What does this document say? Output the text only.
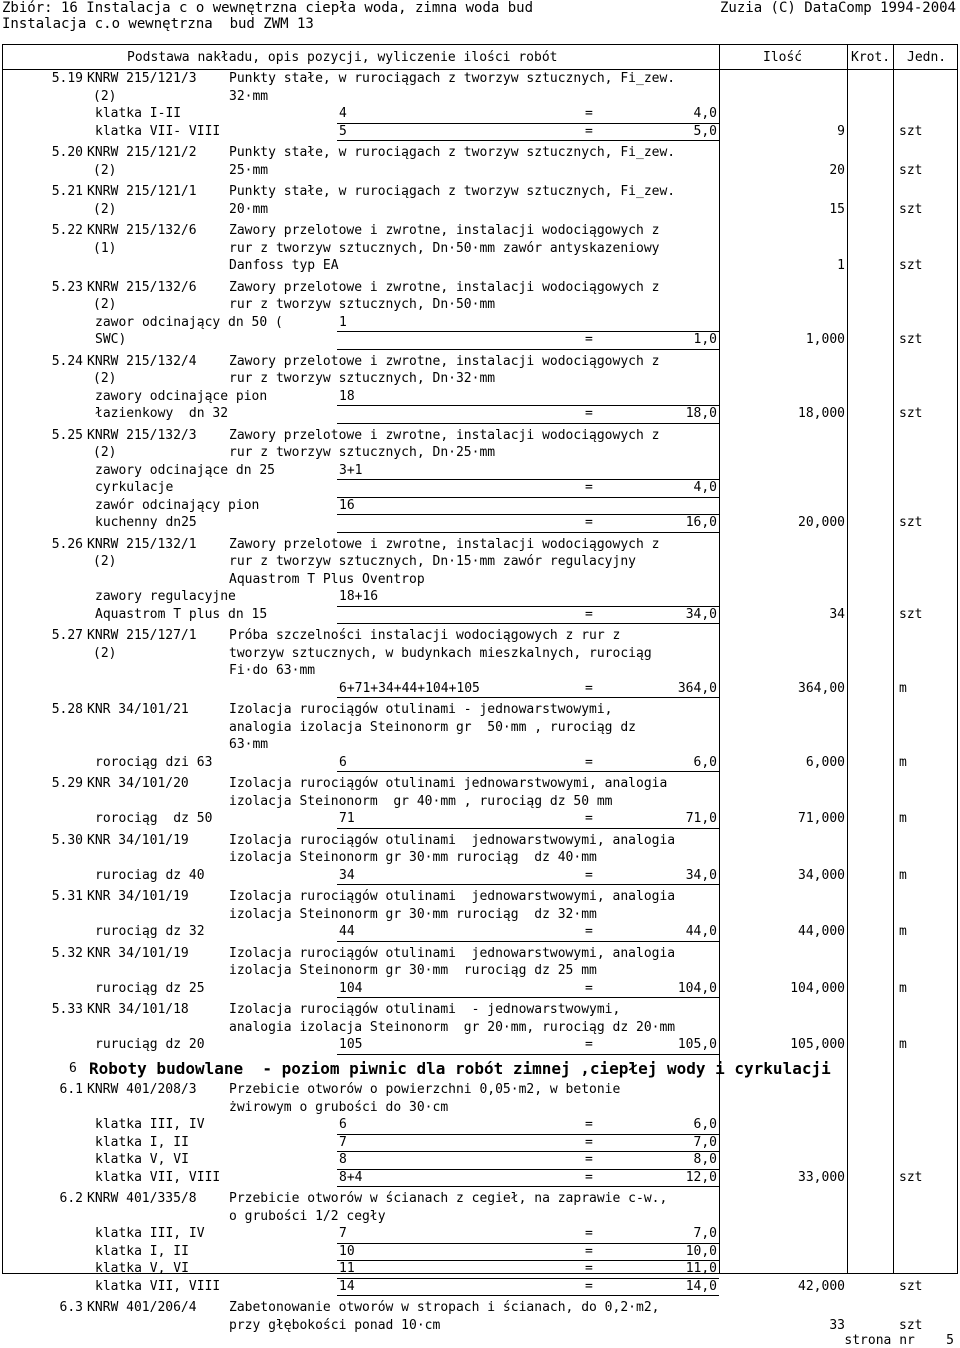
Zbiór: 16 Instalacja c o wewnętrzna ciepła woda, zimna woda bud
Instalacja c.o wewnętrzna  bud ZWM 13
Zuzia (C) DataComp 1994-2004
Podstawa nakładu, opis pozycji, wyliczenie ilości robót	Ilość	Krot. Jedn.
5.19 KNRW 215/121/3 Punkty stałe, w rurociągach z tworzyw sztucznych, Fi_zew.
32·mm
(2)
klatka I-II	4	=	4,0
klatka VII- VIII	5	=	5,0	9	szt
5.20 KNRW 215/121/2 Punkty stałe, w rurociągach z tworzyw sztucznych, Fi_zew.
25·mm
(2)	20	szt
5.21 KNRW 215/121/1 Punkty stałe, w rurociągach z tworzyw sztucznych, Fi_zew.
20·mm
(2)	15	szt
5.22 KNRW 215/132/6 Zawory przelotowe i zwrotne, instalacji wodociągowych z
rur z tworzyw sztucznych, Dn·50·mm zawór antyskazeniowy
Danfoss typ EA
(1)
1	szt
5.23 KNRW 215/132/6 Zawory przelotowe i zwrotne, instalacji wodociągowych z
rur z tworzyw sztucznych, Dn·50·mm
(2)
zawor odcinający dn 50 (	1
SWC)	=	1,0	1,000	szt
5.24 KNRW 215/132/4 Zawory przelotowe i zwrotne, instalacji wodociągowych z
rur z tworzyw sztucznych, Dn·32·mm
(2)
zawory odcinające pion	18
łazienkowy  dn 32	=	18,0	18,000	szt
5.25 KNRW 215/132/3 Zawory przelotowe i zwrotne, instalacji wodociągowych z
rur z tworzyw sztucznych, Dn·25·mm
(2)
zawory odcinające dn 25	3+1
cyrkulacje	=	4,0
zawór odcinający pion	16
kuchenny dn25	=	16,0	20,000	szt
5.26 KNRW 215/132/1 Zawory przelotowe i zwrotne, instalacji wodociągowych z
rur z tworzyw sztucznych, Dn·15·mm zawór regulacyjny
Aquastrom T Plus Oventrop
(2)
zawory regulacyjne	18+16
Aquastrom T plus dn 15	=	34,0	34	szt
5.27 KNRW 215/127/1 Próba szczelności instalacji wodociągowych z rur z
tworzyw sztucznych, w budynkach mieszkalnych, rurociąg
Fi·do 63·mm
(2)
6+71+34+44+104+105	=	364,0	364,00	m
5.28 KNR 34/101/21	Izolacja rurociągów otulinami - jednowarstwowymi,
analogia izolacja Steinonorm gr  50·mm , rurociąg dz
63·mm
rorociąg dzi 63	6	=	6,0	6,000	m
5.29 KNR 34/101/20	Izolacja rurociągów otulinami jednowarstwowymi, analogia
izolacja Steinonorm  gr 40·mm , rurociąg dz 50 mm
rorociąg  dz 50	71	=	71,0	71,000	m
5.30 KNR 34/101/19	Izolacja rurociągów otulinami  jednowarstwowymi, analogia
izolacja Steinonorm gr 30·mm rurociąg  dz 40·mm
rurociag dz 40	34	=	34,0	34,000	m
5.31 KNR 34/101/19	Izolacja rurociągów otulinami  jednowarstwowymi, analogia
izolacja Steinonorm gr 30·mm rurociąg  dz 32·mm
rurociąg dz 32	44	=	44,0	44,000	m
5.32 KNR 34/101/19	Izolacja rurociągów otulinami  jednowarstwowymi, analogia
izolacja Steinonorm gr 30·mm  rurociąg dz 25 mm
rurociąg dz 25	104	=	104,0	104,000	m
5.33 KNR 34/101/18	Izolacja rurociągów otulinami  - jednowarstwowymi,
analogia izolacja Steinonorm  gr 20·mm, rurociąg dz 20·mm
ruruciąg dz 20	105	=	105,0	105,000	m
6 Roboty budowlane  - poziom piwnic dla robót zimnej ,ciepłej wody i cyrkulacji
6.1 KNRW 401/208/3 Przebicie otworów o powierzchni 0,05·m2, w betonie
żwirowym o grubości do 30·cm
klatka III, IV	6	=	6,0
klatka I, II	7	=	7,0
klatka V, VI	8	=	8,0
klatka VII, VIII	8+4	=	12,0	33,000	szt
6.2 KNRW 401/335/8 Przebicie otworów w ścianach z cegieł, na zaprawie c-w.,
o grubości 1/2 cegły
klatka III, IV	7	=	7,0
klatka I, II	10	=	10,0
klatka V, VI	11	=	11,0
klatka VII, VIII	14	=	14,0	42,000	szt
6.3 KNRW 401/206/4 Zabetonowanie otworów w stropach i ścianach, do 0,2·m2,
przy głębokości ponad 10·cm	33	szt
strona nr 5
